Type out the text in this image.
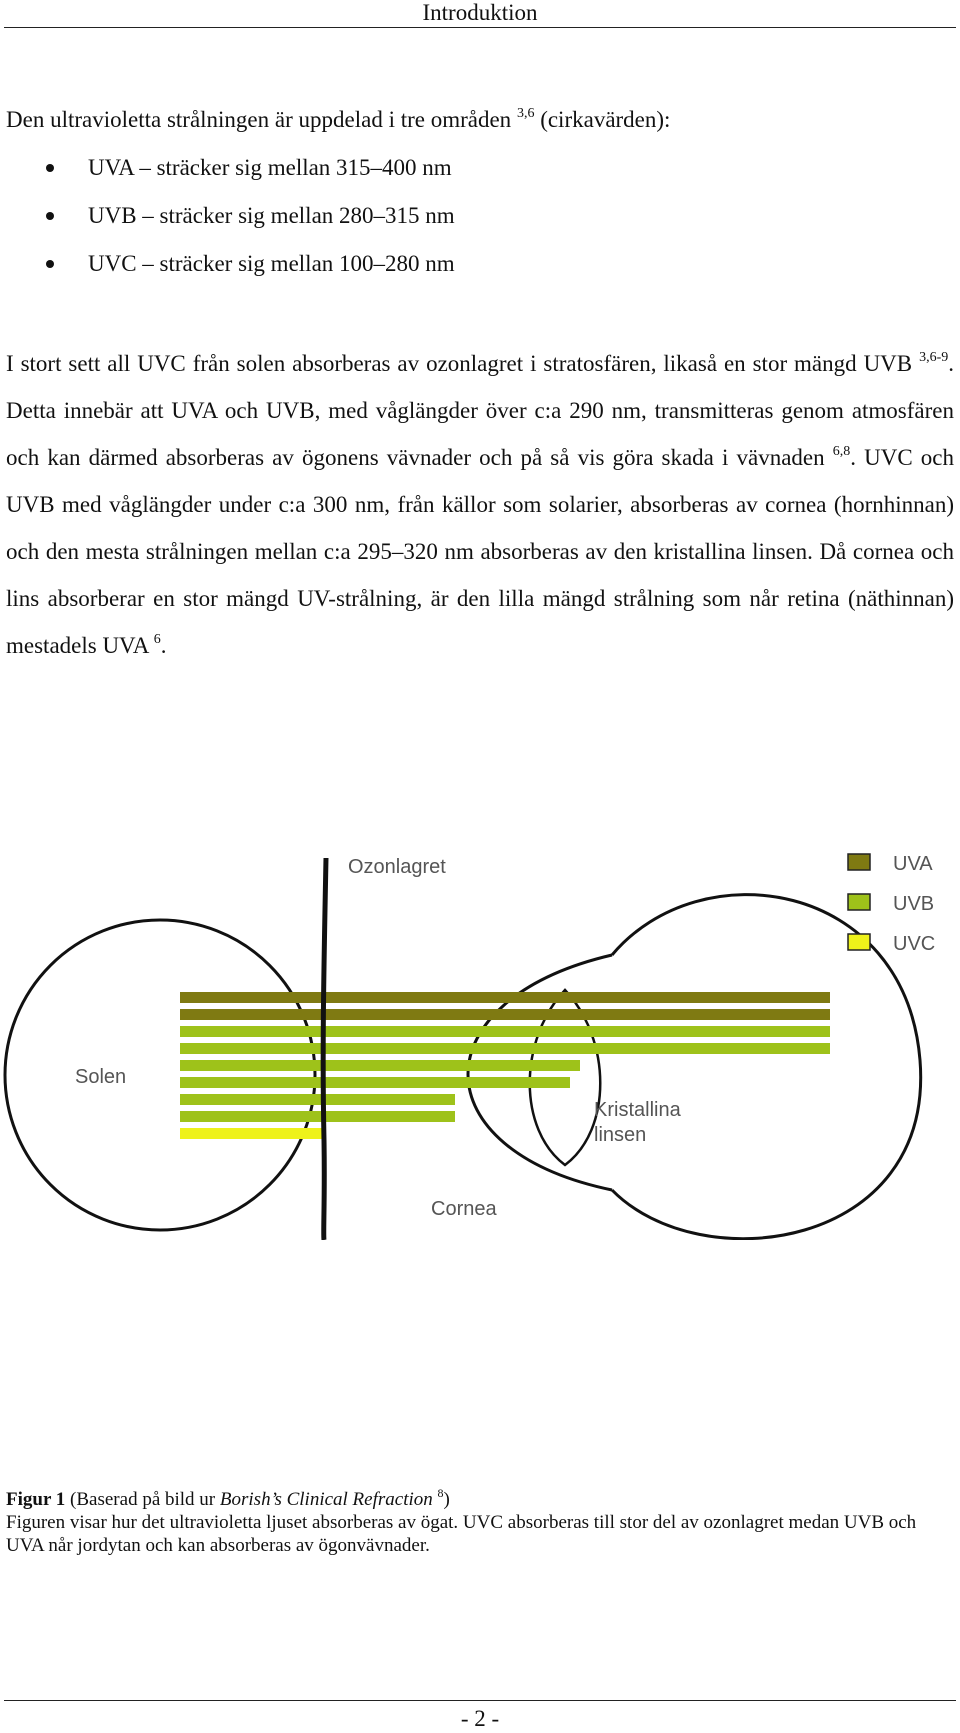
Introduktion
Den ultravioletta strålningen är uppdelad i tre områden $^{3,6}$ (cirkavärden):
UVA – sträcker sig mellan 315–400 nm
UVB – sträcker sig mellan 280–315 nm
UVC – sträcker sig mellan 100–280 nm

I stort sett all UVC från solen absorberas av ozonlagret i stratosfären, likaså en stor mängd UVB $^{3,6-9}$. Detta innebär att UVA och UVB, med våglängder över c:a 290 nm, transmitteras genom atmosfären och kan därmed absorberas av ögonens vävnader och på så vis göra skada i vävnaden $^{6,8}$. UVC och UVB med våglängder under c:a 300 nm, från källor som solarier, absorberas av cornea (hornhinnan) och den mesta strålningen mellan c:a 295–320 nm absorberas av den kristallina linsen. Då cornea och lins absorberar en stor mängd UV-strålning, är den lilla mängd strålning som når retina (näthinnan) mestadels UVA $^6$.

Ozonlagret
Solen
Kristallina
linsen
Cornea
UVA
UVB
UVC
Figur 1 (Baserad på bild ur Borish’s Clinical Refraction $^8$)
Figuren visar hur det ultravioletta ljuset absorberas av ögat. UVC absorberas till stor del av ozonlagret medan UVB och UVA når jordytan och kan absorberas av ögonvävnader.
- 2 -
